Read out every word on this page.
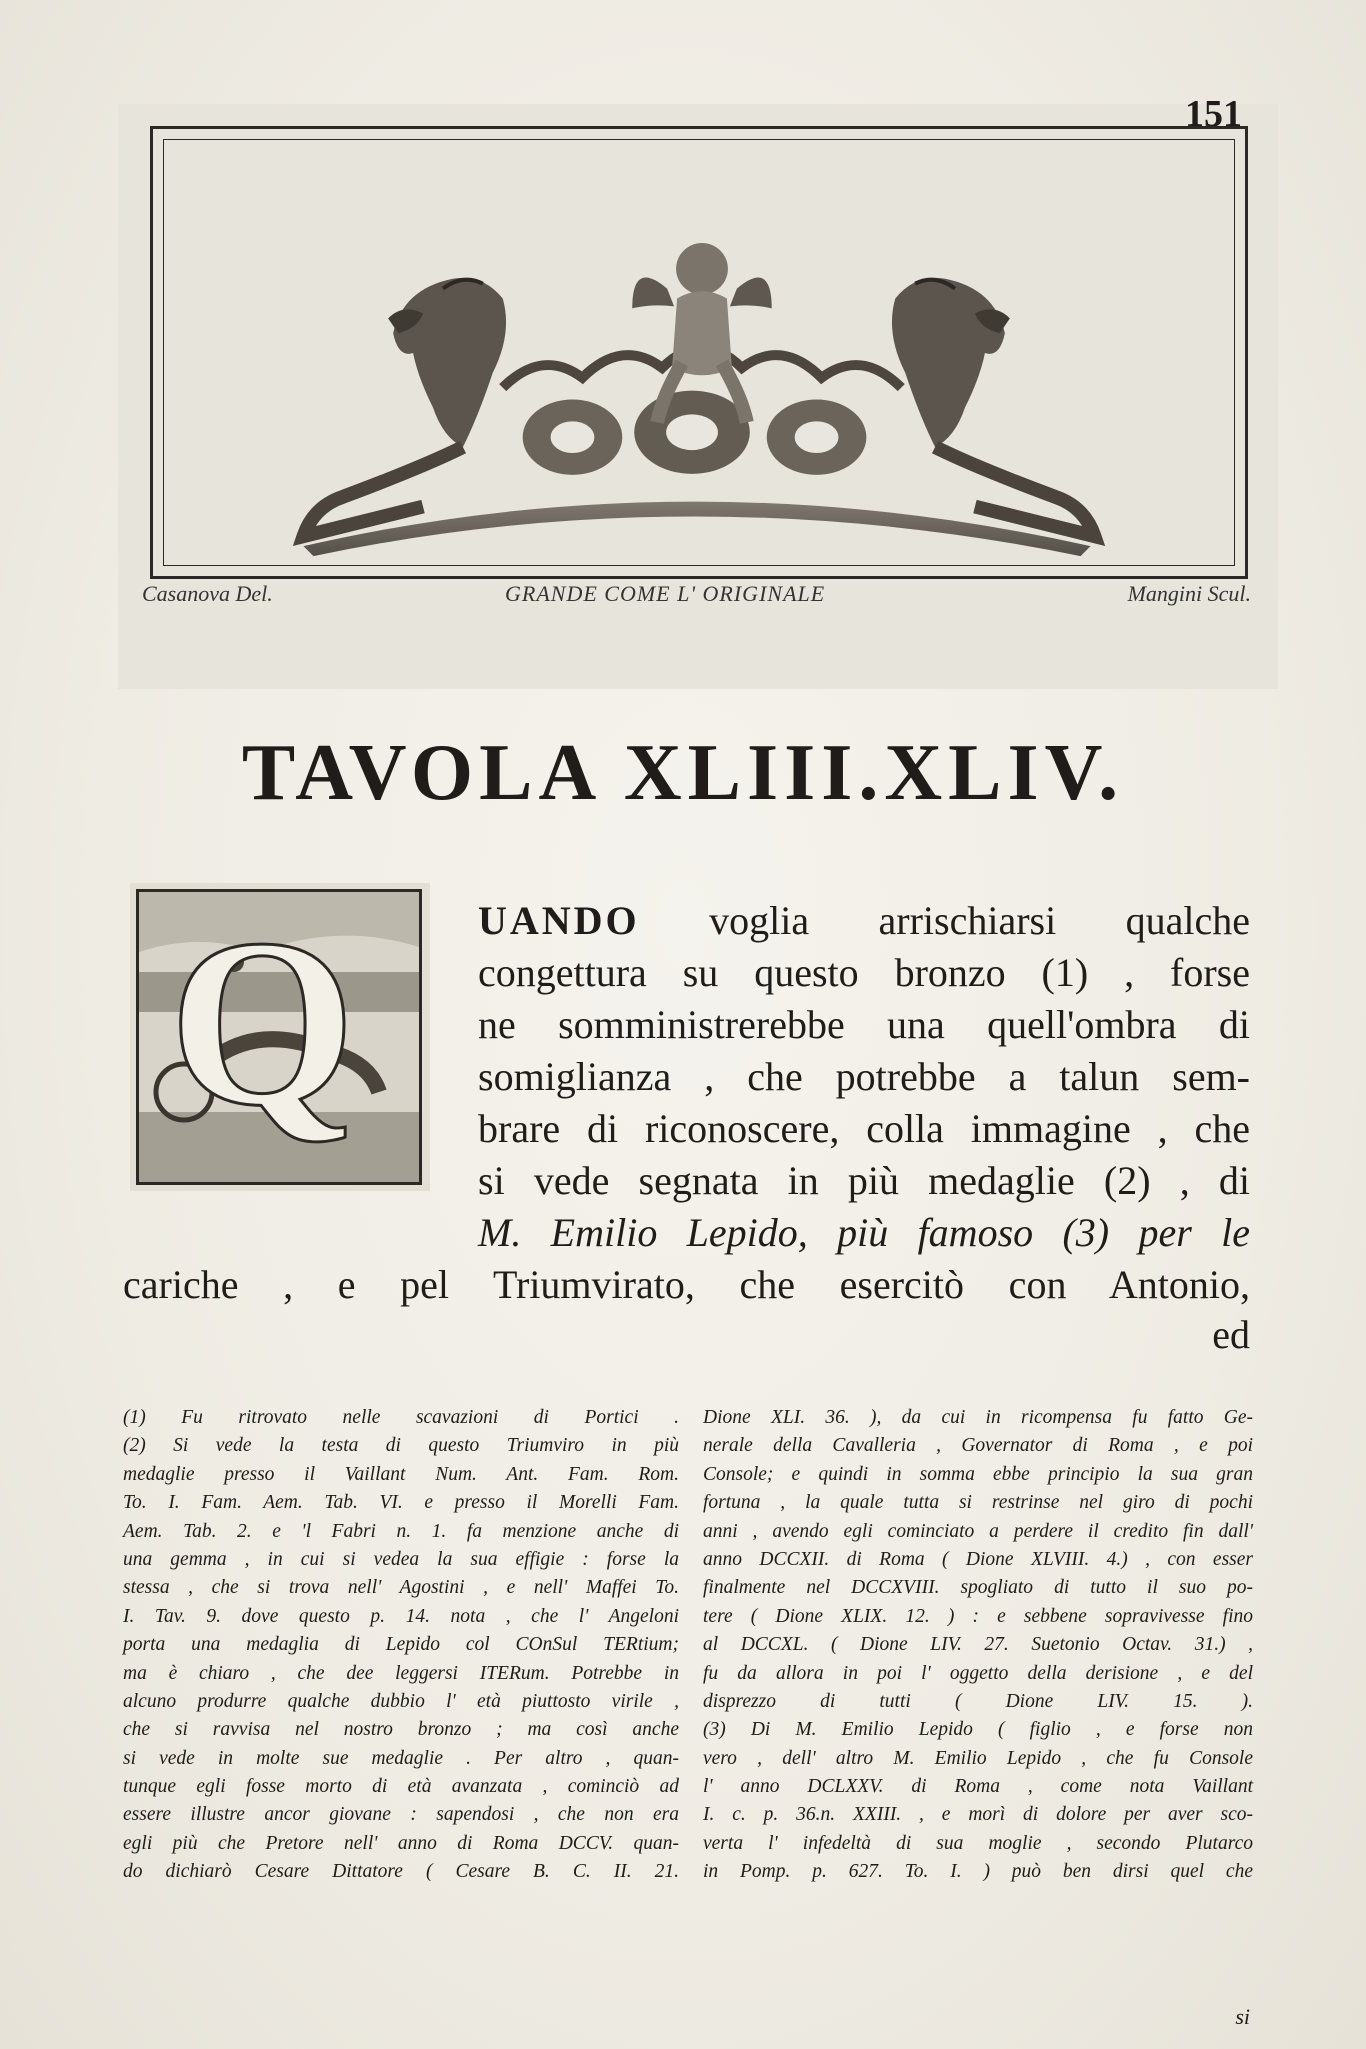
151
Casanova Del.	GRANDE COME L' ORIGINALE	Mangini Scul.
TAVOLA XLIII.XLIV.
Q	UANDO voglia arrischiarsi qualche
congettura su questo bronzo (1) , forse
ne somministrerebbe una quell'ombra di
somiglianza , che potrebbe a talun sem-
brare di riconoscere, colla immagine , che
si vede segnata in più medaglie (2) , di
M. Emilio Lepido, più famoso (3) per le
cariche , e pel Triumvirato, che esercitò con Antonio,
ed
(1) Fu ritrovato nelle scavazioni di Portici .
(2) Si vede la testa di questo Triumviro in più
medaglie presso il Vaillant Num. Ant. Fam. Rom.
To. I. Fam. Aem. Tab. VI. e presso il Morelli Fam.
Aem. Tab. 2. e 'l Fabri n. 1. fa menzione anche di
una gemma , in cui si vedea la sua effigie : forse la
stessa , che si trova nell' Agostini , e nell' Maffei To.
I. Tav. 9. dove questo p. 14. nota , che l' Angeloni
porta una medaglia di Lepido col COnSul TERtium;
ma è chiaro , che dee leggersi ITERum. Potrebbe in
alcuno produrre qualche dubbio l' età piuttosto virile ,
che si ravvisa nel nostro bronzo ; ma così anche
si vede in molte sue medaglie . Per altro , quan-
tunque egli fosse morto di età avanzata , cominciò ad
essere illustre ancor giovane : sapendosi , che non era
egli più che Pretore nell' anno di Roma DCCV. quan-
do dichiarò Cesare Dittatore ( Cesare B. C. II. 21.
Dione XLI. 36. ), da cui in ricompensa fu fatto Ge-
nerale della Cavalleria , Governator di Roma , e poi
Console; e quindi in somma ebbe principio la sua gran
fortuna , la quale tutta si restrinse nel giro di pochi
anni , avendo egli cominciato a perdere il credito fin dall'
anno DCCXII. di Roma ( Dione XLVIII. 4.) , con esser
finalmente nel DCCXVIII. spogliato di tutto il suo po-
tere ( Dione XLIX. 12. ) : e sebbene sopravivesse fino
al DCCXL. ( Dione LIV. 27. Suetonio Octav. 31.) ,
fu da allora in poi l' oggetto della derisione , e del
disprezzo di tutti ( Dione LIV. 15. ).
(3) Di M. Emilio Lepido ( figlio , e forse non
vero , dell' altro M. Emilio Lepido , che fu Console
l' anno DCLXXV. di Roma , come nota Vaillant
I. c. p. 36.n. XXIII. , e morì di dolore per aver sco-
verta l' infedeltà di sua moglie , secondo Plutarco
in Pomp. p. 627. To. I. ) può ben dirsi quel che
si
